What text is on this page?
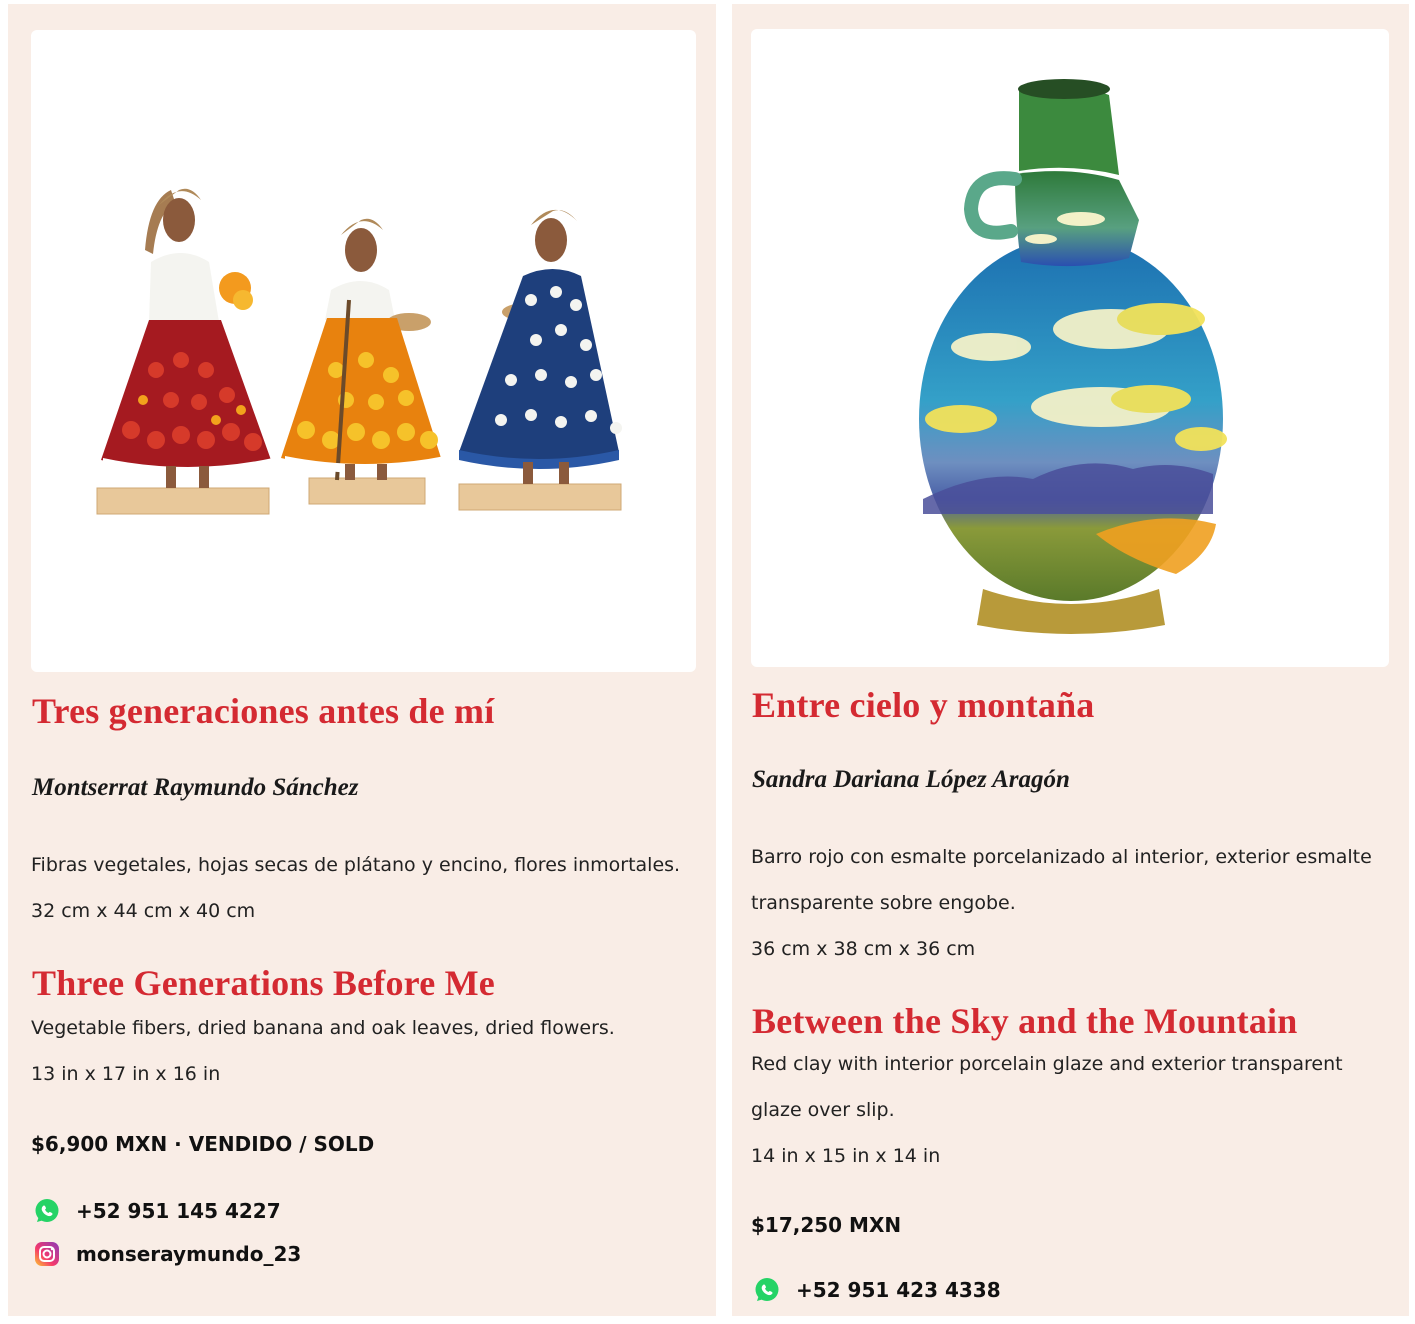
Tres generaciones antes de mí
Montserrat Raymundo Sánchez
Fibras vegetales, hojas secas de plátano y encino, flores inmortales.
32 cm x 44 cm x 40 cm
Three Generations Before Me
Vegetable fibers, dried banana and oak leaves, dried flowers.
13 in x 17 in x 16 in
$6,900 MXN · VENDIDO / SOLD
+52 951 145 4227
monseraymundo_23
Entre cielo y montaña
Sandra Dariana López Aragón
Barro rojo con esmalte porcelanizado al interior, exterior esmalte
transparente sobre engobe.
36 cm x 38 cm x 36 cm
Between the Sky and the Mountain
Red clay with interior porcelain glaze and exterior transparent
glaze over slip.
14 in x 15 in x 14 in
$17,250 MXN
+52 951 423 4338
